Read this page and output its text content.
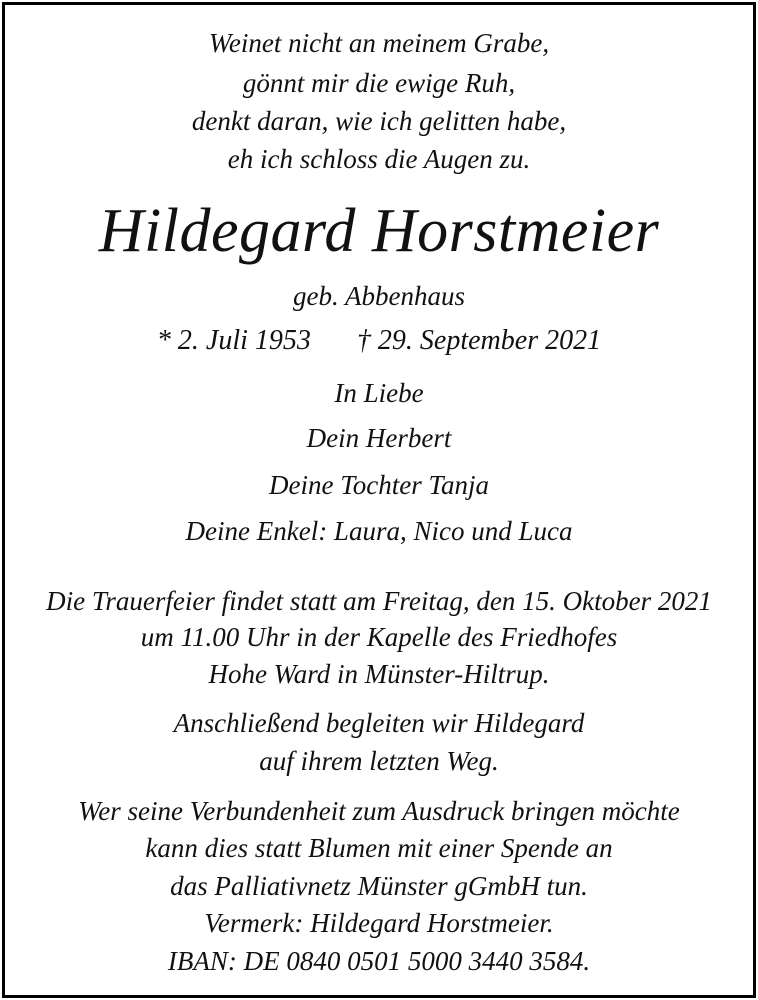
Weinet nicht an meinem Grabe,
gönnt mir die ewige Ruh,
denkt daran, wie ich gelitten habe,
eh ich schloss die Augen zu.
Hildegard Horstmeier
geb. Abbenhaus
* 2. Juli 1953 † 29. September 2021
In Liebe
Dein Herbert
Deine Tochter Tanja
Deine Enkel: Laura, Nico und Luca
Die Trauerfeier findet statt am Freitag, den 15. Oktober 2021
um 11.00 Uhr in der Kapelle des Friedhofes
Hohe Ward in Münster-Hiltrup.
Anschließend begleiten wir Hildegard
auf ihrem letzten Weg.
Wer seine Verbundenheit zum Ausdruck bringen möchte
kann dies statt Blumen mit einer Spende an
das Palliativnetz Münster gGmbH tun.
Vermerk: Hildegard Horstmeier.
IBAN: DE 0840 0501 5000 3440 3584.
